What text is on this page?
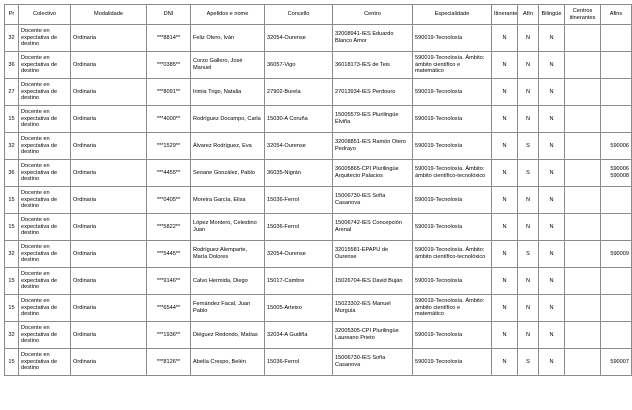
Pr	Colectivo	Modalidade	DNI	Apelidos e nome	Concello	Centro	Especialidade	Itinerante	Afín	Bilingüe	Centros itinerantes	Afins

32	Docente en expectativa de destino	Ordinaria	***8814**	Feliz Otero, Iván	32054-Ourense	32008941-IES Eduardo Blanco Amor	590019-Tecnoloxía	N	N	N		

36	Docente en expectativa de destino	Ordinaria	***0385**	Corzo Gallero, José Manuel	36057-Vigo	36018173-IES de Teis	590019-Tecnoloxía. Ámbito: ámbito científico e matemático	N	N	N		

27	Docente en expectativa de destino	Ordinaria	***8091**	Irimia Trigo, Natalia	27902-Burela	27013934-IES Perdouro	590019-Tecnoloxía	N	N	N		

15	Docente en expectativa de destino	Ordinaria	***4000**	Rodríguez Docampo, Carla	15030-A Coruña	15005579-IES Plurilingüe Elviña	590019-Tecnoloxía	N	N	N		

32	Docente en expectativa de destino	Ordinaria	***1529**	Álvarez Rodríguez, Eva	32054-Ourense	32008851-IES Ramón Otero Pedrayo	590019-Tecnoloxía	N	S	N		590006

36	Docente en expectativa de destino	Ordinaria	***4455**	Seoane González, Pablo	36035-Nigrán	36005865-CPI Plurilingüe Arquitecto Palacios	590019-Tecnoloxía. Ámbito: ámbito científico-tecnolóxico	N	S	N		590006
590008

15	Docente en expectativa de destino	Ordinaria	***0405**	Moreira García, Elisa	15036-Ferrol	15006730-IES Sofía Casanova	590019-Tecnoloxía	N	N	N		

15	Docente en expectativa de destino	Ordinaria	***5822**	López Montero, Celestino Juan	15036-Ferrol	15006742-IES Concepción Arenal	590019-Tecnoloxía	N	N	N		

32	Docente en expectativa de destino	Ordinaria	***5445**	Rodríguez Alemparte, María Dolores	32054-Ourense	32015581-EPAPU de Ourense	590019-Tecnoloxía. Ámbito: ámbito científico-tecnolóxico	N	S	N		590009

15	Docente en expectativa de destino	Ordinaria	***9146**	Calvo Hermida, Diego	15017-Cambre	15026704-IES David Buján	590019-Tecnoloxía	N	N	N		

15	Docente en expectativa de destino	Ordinaria	***6544**	Fernández Facal, Juan Pablo	15005-Arteixo	15023302-IES Manuel Murguía	590019-Tecnoloxía. Ámbito: ámbito científico e matemático	N	N	N		

32	Docente en expectativa de destino	Ordinaria	***1936**	Diéguez Redondo, Matías	32034-A Gudiña	32005305-CPI Plurilingüe Laureano Prieto	590019-Tecnoloxía	N	N	N		

15	Docente en expectativa de destino	Ordinaria	***8126**	Abelía Crespo, Belén	15036-Ferrol	15006730-IES Sofía Casanova	590019-Tecnoloxía	N	S	N		590007
